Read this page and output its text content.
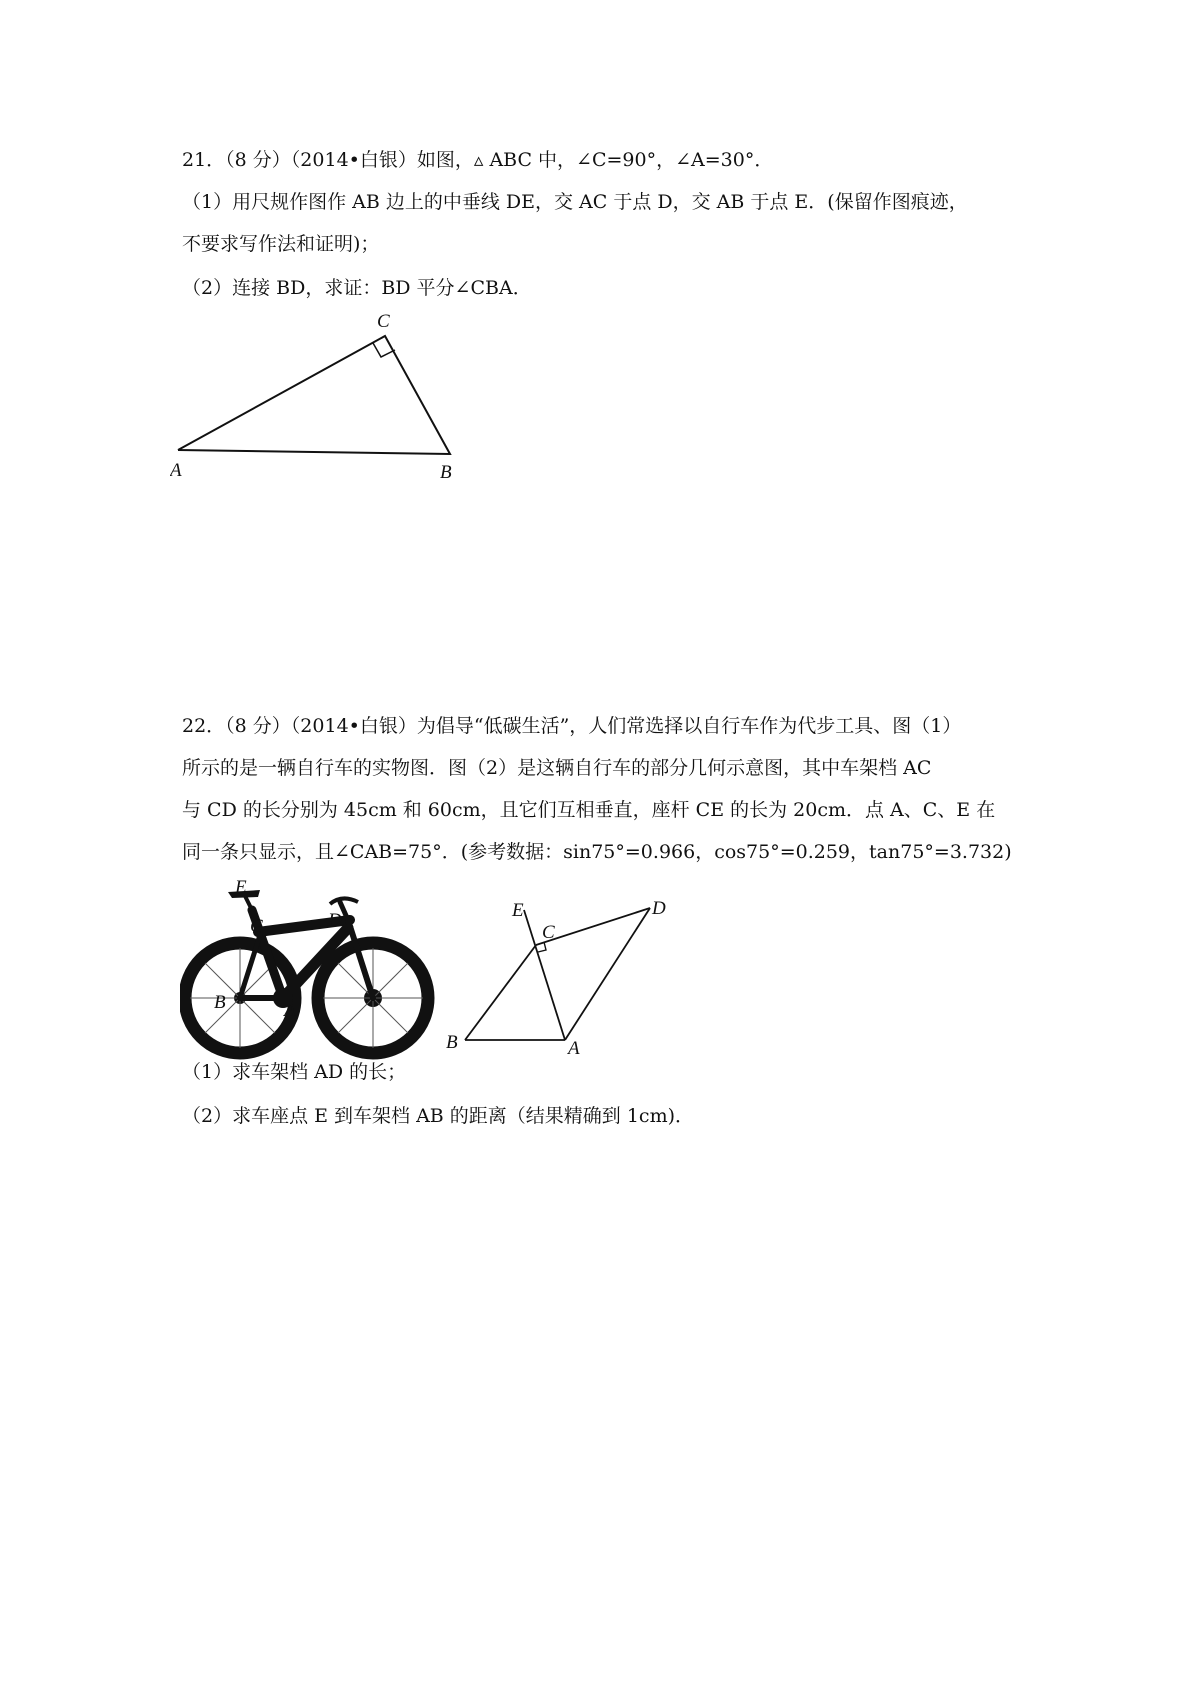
21．（8 分）（2014•白银）如图，▵ ABC 中，∠C=90°，∠A=30°．
（1）用尺规作图作 AB 边上的中垂线 DE，交 AC 于点 D，交 AB 于点 E．(保留作图痕迹，
不要求写作法和证明)；
（2）连接 BD，求证：BD 平分∠CBA．
A	B
C
22．（8 分）（2014•白银）为倡导“低碳生活”，人们常选择以自行车作为代步工具、图（1）
所示的是一辆自行车的实物图．图（2）是这辆自行车的部分几何示意图，其中车架档 AC
与 CD 的长分别为 45cm 和 60cm，且它们互相垂直，座杆 CE 的长为 20cm．点 A、C、E 在
同一条只显示，且∠CAB=75°．(参考数据：sin75°=0.966，cos75°=0.259，tan75°=3.732)
E
C	D
B	A
E
C
D
B	A
（1）求车架档 AD 的长；
（2）求车座点 E 到车架档 AB 的距离（结果精确到 1cm)．
